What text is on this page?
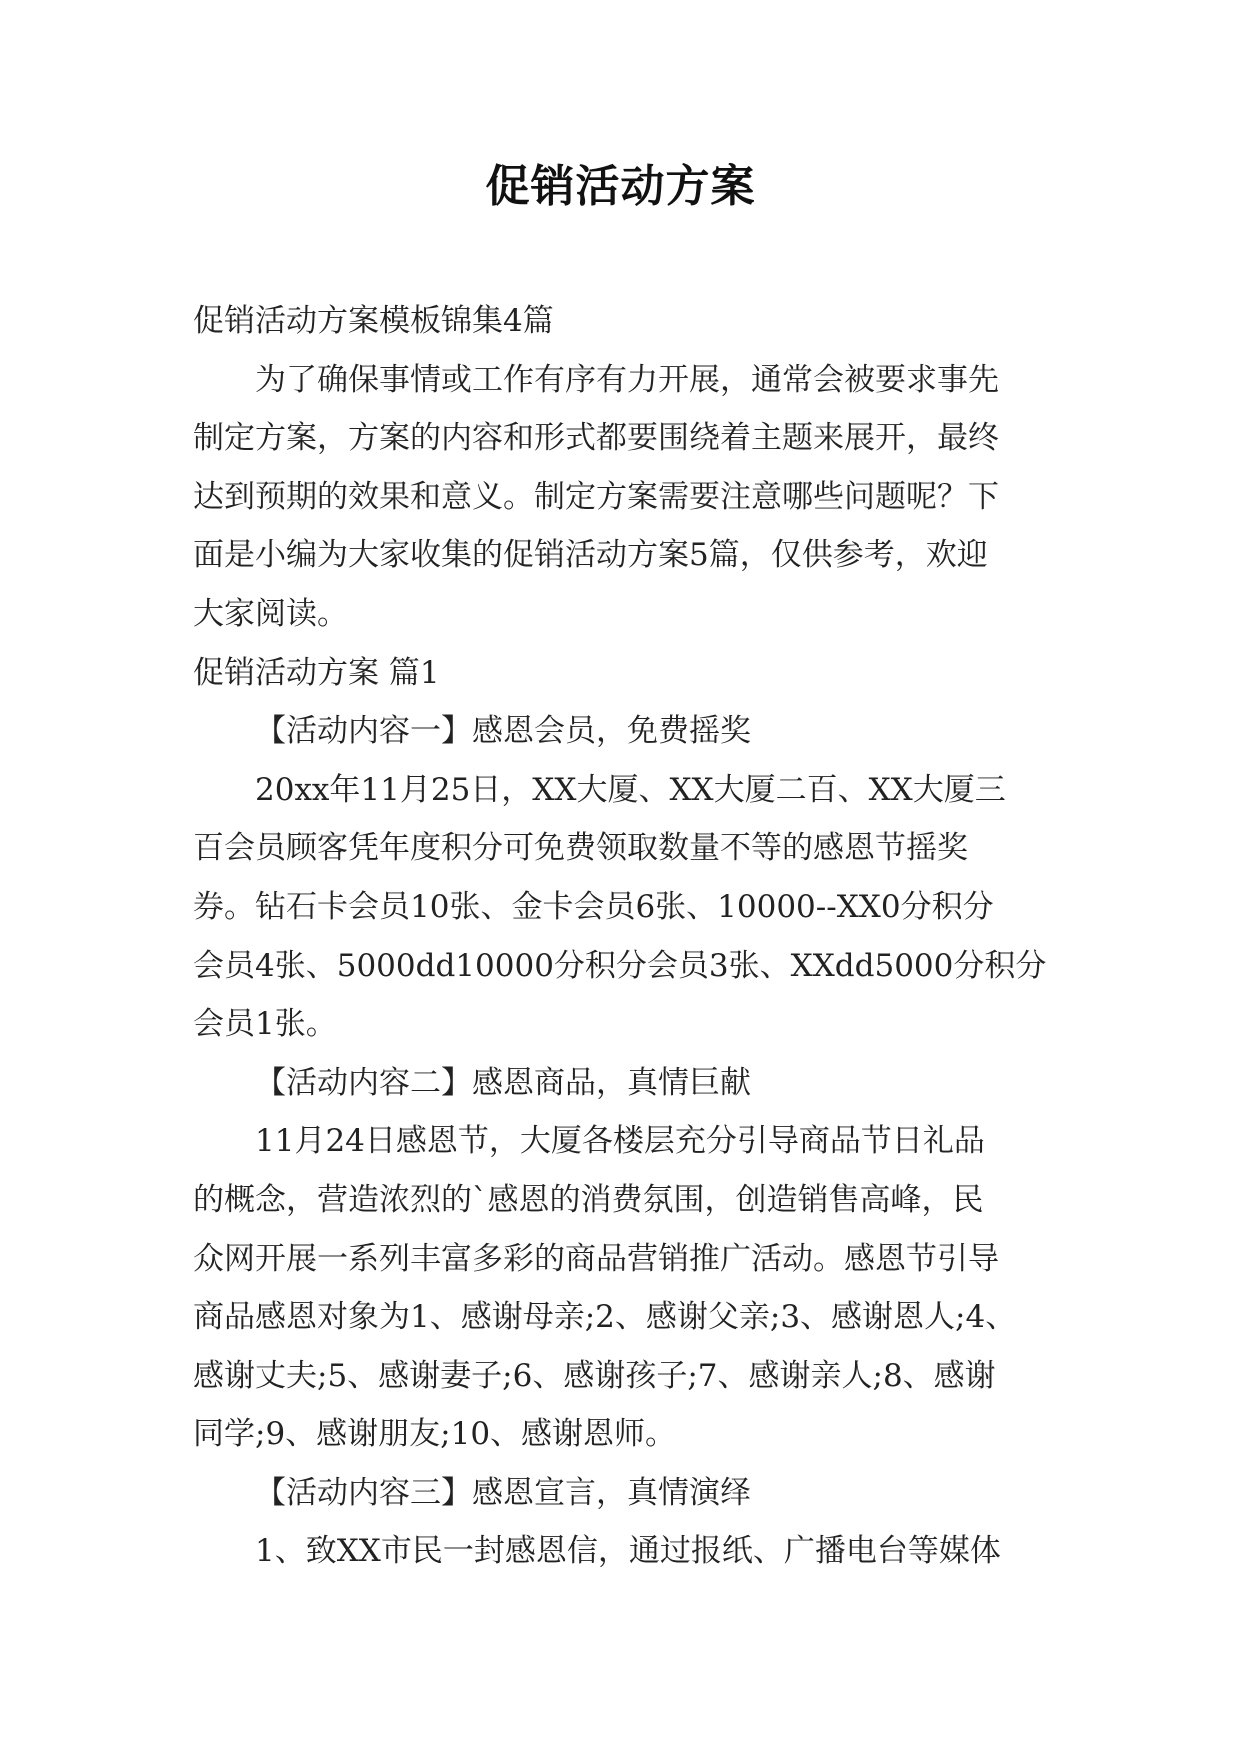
促销活动方案
促销活动方案模板锦集4篇
为了确保事情或工作有序有力开展，通常会被要求事先
制定方案，方案的内容和形式都要围绕着主题来展开，最终
达到预期的效果和意义。制定方案需要注意哪些问题呢？下
面是小编为大家收集的促销活动方案5篇，仅供参考，欢迎
大家阅读。
促销活动方案 篇1
【活动内容一】感恩会员，免费摇奖
20xx年11月25日，XX大厦、XX大厦二百、XX大厦三
百会员顾客凭年度积分可免费领取数量不等的感恩节摇奖
券。钻石卡会员10张、金卡会员6张、10000--XX0分积分
会员4张、5000dd10000分积分会员3张、XXdd5000分积分
会员1张。
【活动内容二】感恩商品，真情巨献
11月24日感恩节，大厦各楼层充分引导商品节日礼品
的概念，营造浓烈的`感恩的消费氛围，创造销售高峰，民
众网开展一系列丰富多彩的商品营销推广活动。感恩节引导
商品感恩对象为1、感谢母亲;2、感谢父亲;3、感谢恩人;4、
感谢丈夫;5、感谢妻子;6、感谢孩子;7、感谢亲人;8、感谢
同学;9、感谢朋友;10、感谢恩师。
【活动内容三】感恩宣言，真情演绎
1、致XX市民一封感恩信，通过报纸、广播电台等媒体
